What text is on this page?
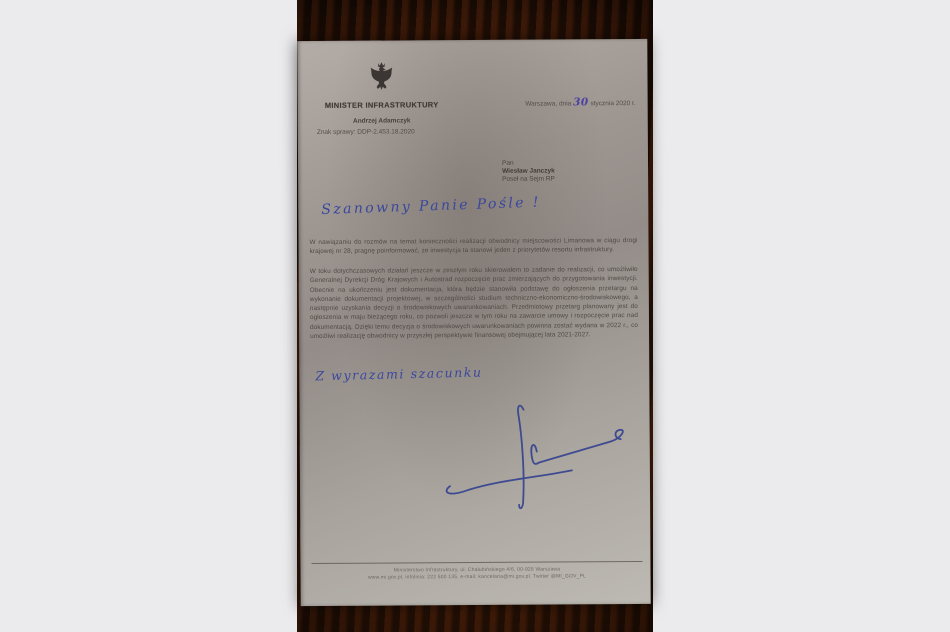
MINISTER INFRASTRUKTURY
Andrzej Adamczyk
Warszawa, dnia 30 stycznia 2020 r.
Znak sprawy: DDP-2.453.18.2020
Pan
Wiesław Janczyk
Poseł na Sejm RP
Szanowny Panie Pośle !
W nawiązaniu do rozmów na temat konieczności realizacji obwodnicy miejscowości Limanowa w ciągu drogi krajowej nr 28, pragnę poinformować, że inwestycja ta stanowi jeden z priorytetów resortu infrastruktury.
W toku dotychczasowych działań jeszcze w zeszłym roku skierowałem to zadanie do realizacji, co umożliwiło Generalnej Dyrekcji Dróg Krajowych i Autostrad rozpoczęcie prac zmierzających do przygotowania inwestycji. Obecnie na ukończeniu jest dokumentacja, która będzie stanowiła podstawę do ogłoszenia przetargu na wykonanie dokumentacji projektowej, w szczególności studium techniczno-ekonomiczno-środowiskowego, a następnie uzyskania decyzji o środowiskowych uwarunkowaniach. Przedmiotowy przetarg planowany jest do ogłoszenia w maju bieżącego roku, co pozwoli jeszcze w tym roku na zawarcie umowy i rozpoczęcie prac nad dokumentacją. Dzięki temu decyzja o środowiskowych uwarunkowaniach powinna zostać wydana w 2022 r., co umożliwi realizację obwodnicy w przyszłej perspektywie finansowej obejmującej lata 2021-2027.
Z wyrazami szacunku
Ministerstwo Infrastruktury, ul. Chałubińskiego 4/6, 00-928 Warszawa
www.mi.gov.pl, infolinia: 222 500 135, e-mail: kancelaria@mi.gov.pl, Twitter @MI_GOV_PL
